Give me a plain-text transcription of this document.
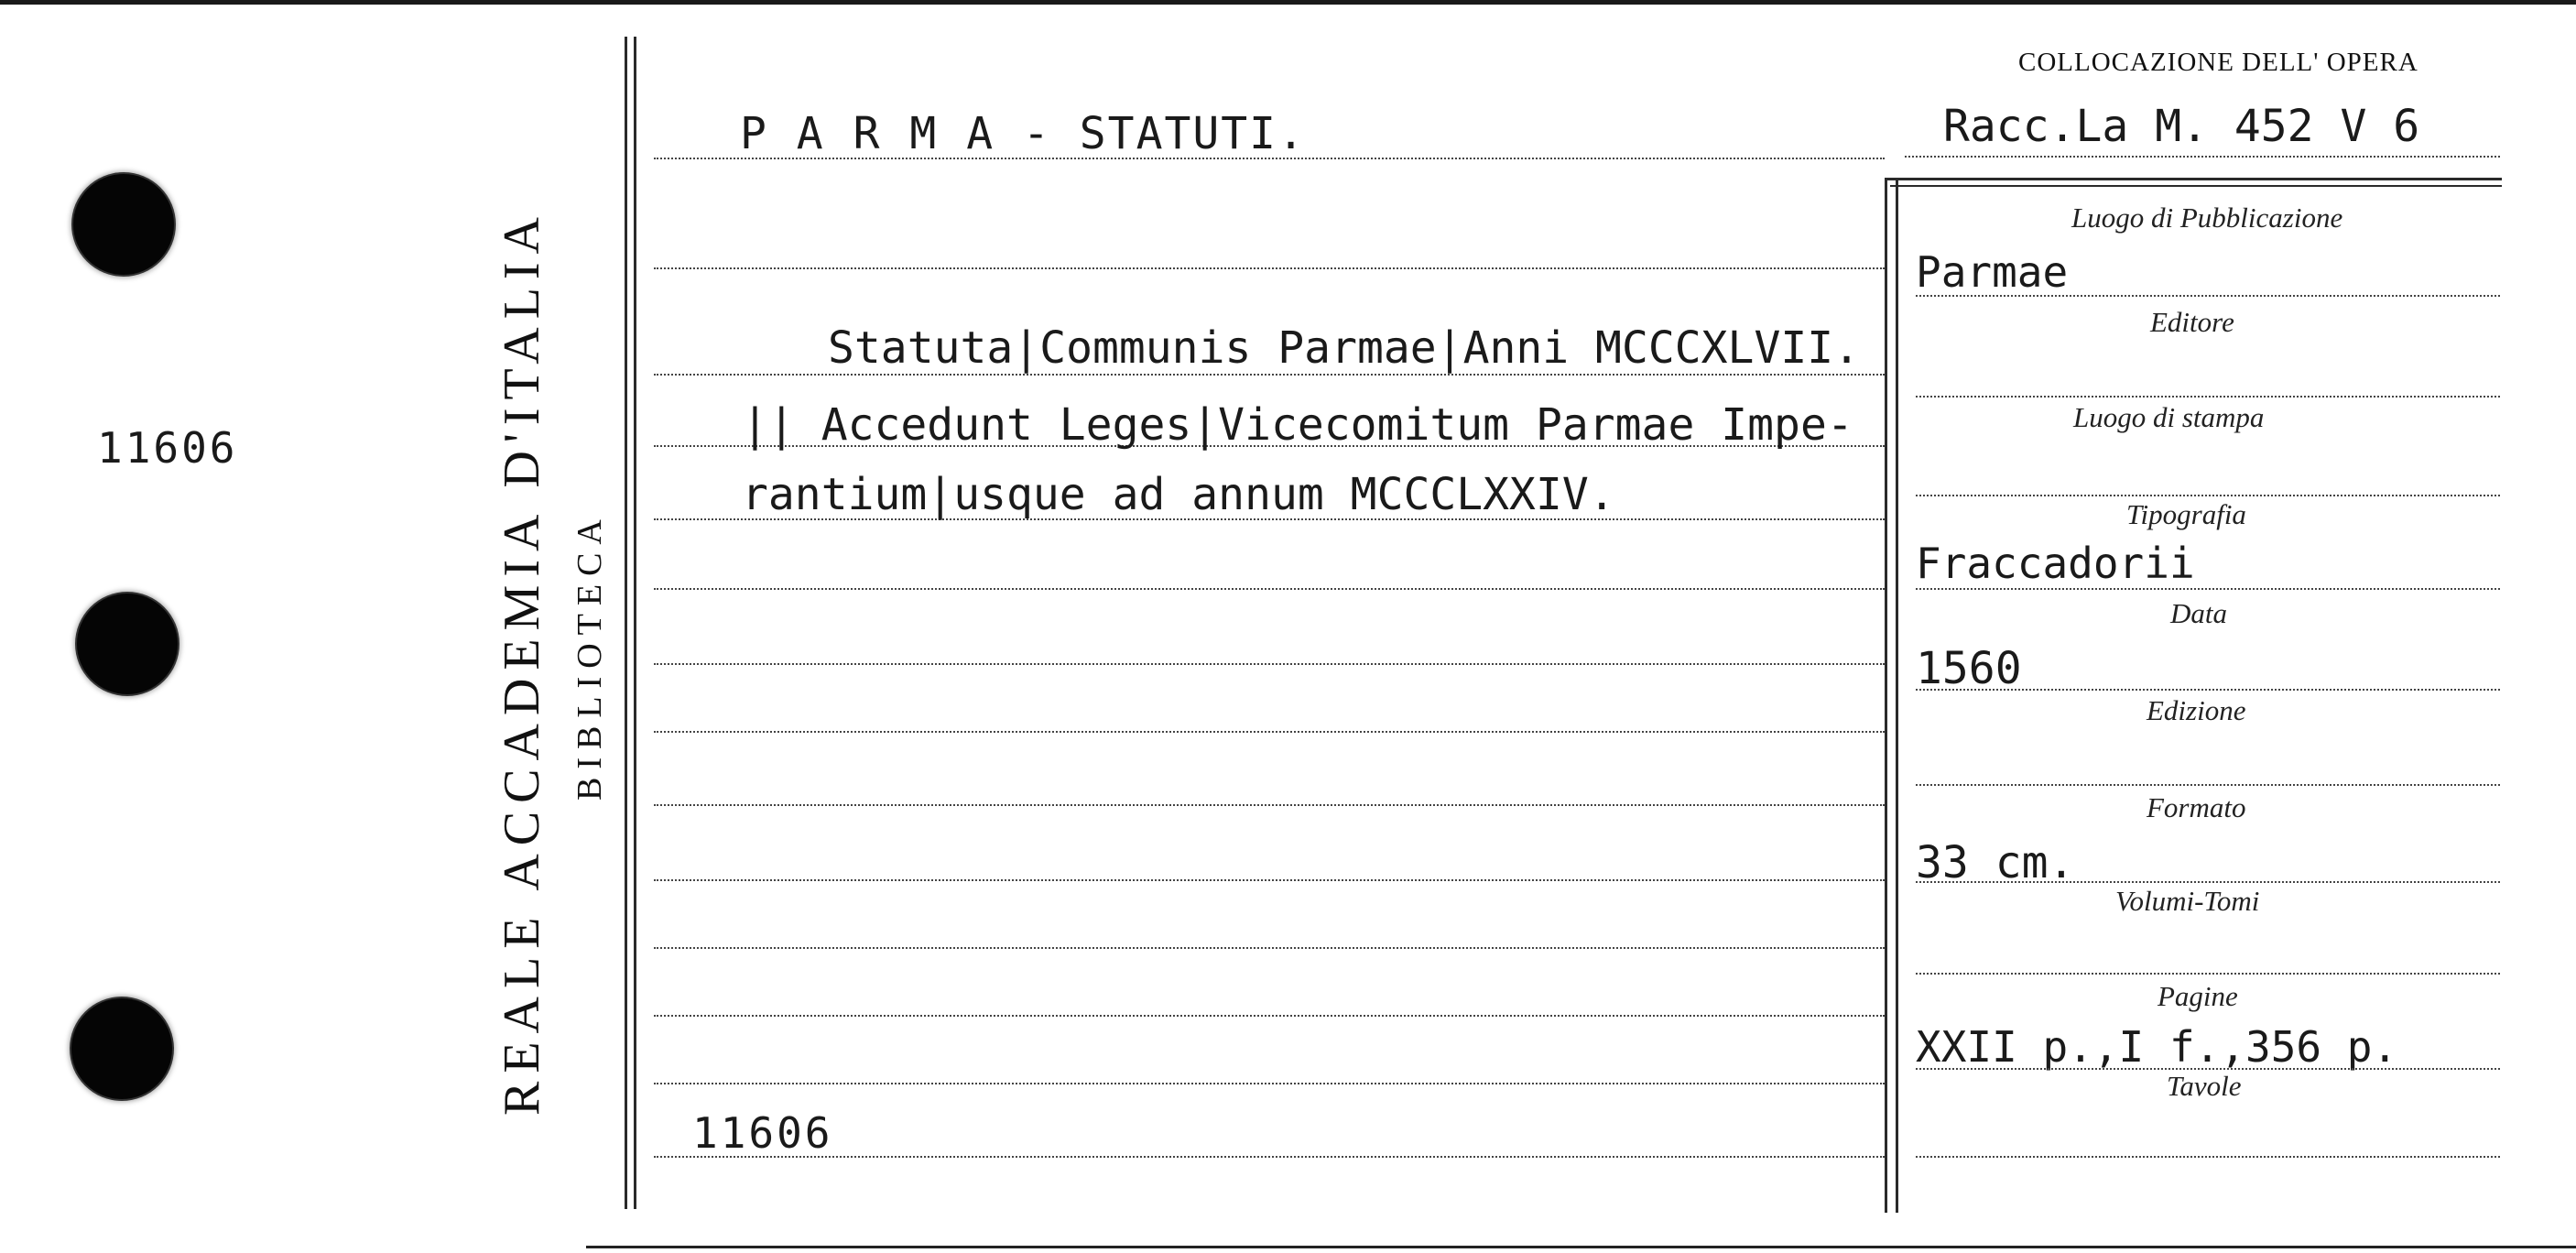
11606	REALE ACCADEMIA D'ITALIA BIBLIOTECA
COLLOCAZIONE DELL' OPERA
Racc.La M. 452 V 6
P A R M A - STATUTI.
Statuta|Communis Parmae|Anni MCCCXLVII.
|| Accedunt Leges|Vicecomitum Parmae Impe-
rantium|usque ad annum MCCCLXXIV.
11606
Luogo di Pubblicazione
Parmae
Editore
Luogo di stampa
Tipografia
Fraccadorii
Data
1560
Edizione
Formato
33 cm.
Volumi-Tomi
Pagine
XXII p.,I f.,356 p.
Tavole
